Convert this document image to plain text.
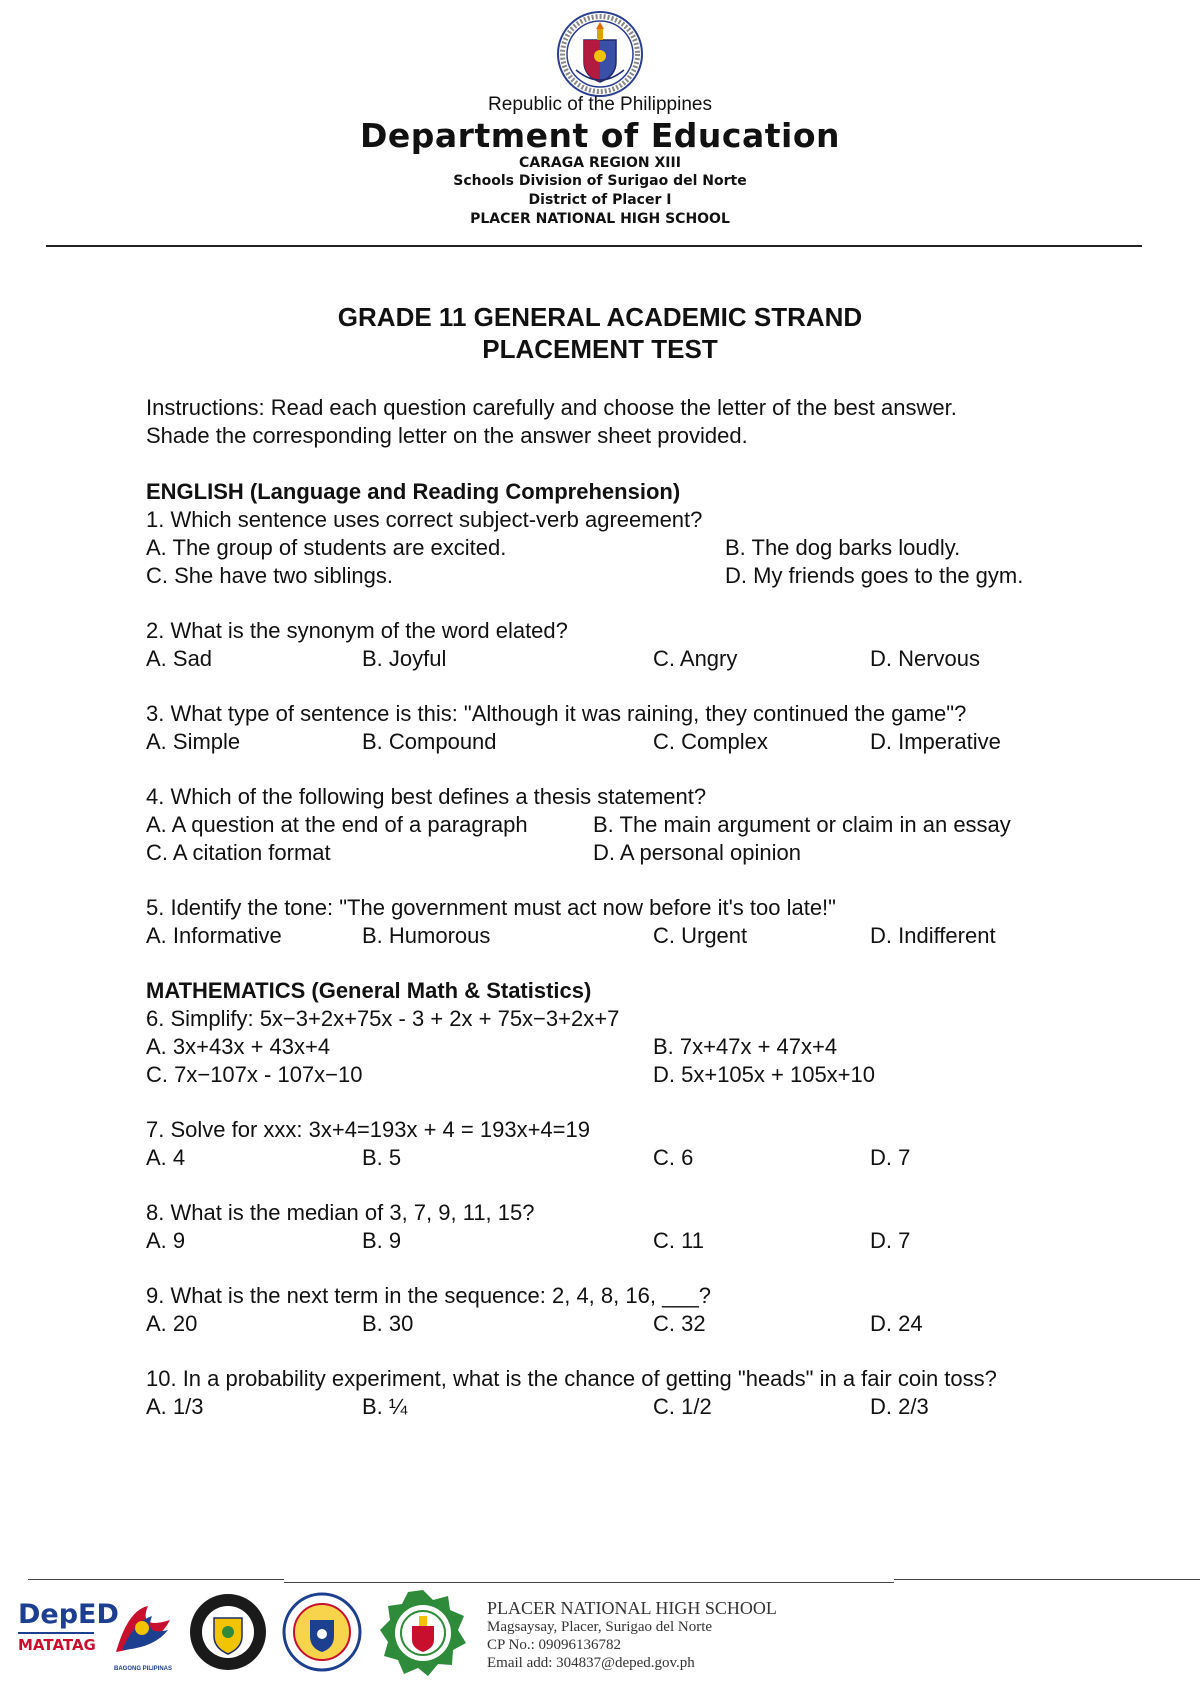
Republic of the Philippines
Department of Education
CARAGA REGION XIII
Schools Division of Surigao del Norte
District of Placer I
PLACER NATIONAL HIGH SCHOOL
GRADE 11 GENERAL ACADEMIC STRAND
PLACEMENT TEST

Instructions: Read each question carefully and choose the letter of the best answer.

Shade the corresponding letter on the answer sheet provided.

ENGLISH (Language and Reading Comprehension)

1. Which sentence uses correct subject-verb agreement?

A. The group of students are excited.	B. The dog barks loudly.
C. She have two siblings.	D. My friends goes to the gym.

2. What is the synonym of the word elated?

A. Sad	B. Joyful	C. Angry	D. Nervous

3. What type of sentence is this: "Although it was raining, they continued the game"?

A. Simple	B. Compound	C. Complex	D. Imperative

4. Which of the following best defines a thesis statement?

A. A question at the end of a paragraph	B. The main argument or claim in an essay
C. A citation format	D. A personal opinion

5. Identify the tone: "The government must act now before it's too late!"

A. Informative	B. Humorous	C. Urgent	D. Indifferent

MATHEMATICS (General Math & Statistics)

6. Simplify: 5x−3+2x+75x - 3 + 2x + 75x−3+2x+7

A. 3x+43x + 43x+4	B. 7x+47x + 47x+4
C. 7x−107x - 107x−10	D. 5x+105x + 105x+10

7. Solve for xxx: 3x+4=193x + 4 = 193x+4=19

A. 4	B. 5	C. 6	D. 7

8. What is the median of 3, 7, 9, 11, 15?

A. 9	B. 9	C. 11	D. 7

9. What is the next term in the sequence: 2, 4, 8, 16, ___?

A. 20	B. 30	C. 32	D. 24

10. In a probability experiment, what is the chance of getting "heads" in a fair coin toss?

A. 1/3	B. ¼	C. 1/2	D. 2/3
DepED
MATATAG
BAGONG PILIPINAS
PLACER NATIONAL HIGH SCHOOL
Magsaysay, Placer, Surigao del Norte
CP No.: 09096136782
Email add: 304837@deped.gov.ph
